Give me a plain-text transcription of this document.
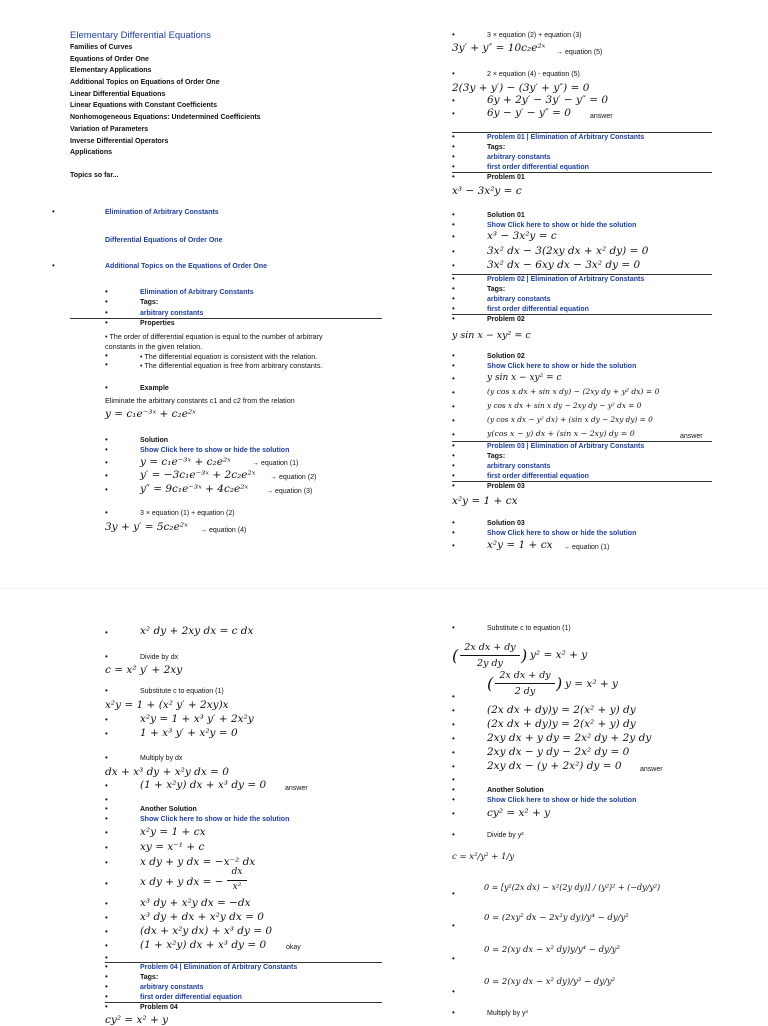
Elementary Differential Equations
Families of Curves
Equations of Order One
Elementary Applications
Additional Topics on Equations of Order One
Linear Differential Equations
Linear Equations with Constant Coefficients
Nonhomogeneous Equations: Undetermined Coefficients
Variation of Parameters
Inverse Differential Operators
Applications
Topics so far...
•	Elimination of Arbitrary Constants
Differential Equations of Order One
•	Additional Topics on the Equations of Order One
•	Elimination of Arbitrary Constants
•	Tags:
•	arbitrary constants
•	Properties
• The order of differential equation is equal to the number of arbitrary
constants in the given relation.
•	• The differential equation is consistent with the relation.
•	• The differential equation is free from arbitrary constants.
•	Example
Eliminate the arbitrary constants c1 and c2 from the relation
y = c₁e⁻³ˣ + c₂e²ˣ
•	Solution
•	Show Click here to show or hide the solution
•	y = c₁e⁻³ˣ + c₂e²ˣ	→ equation (1)
•	y′ = −3c₁e⁻³ˣ + 2c₂e²ˣ → equation (2)
•	y″ = 9c₁e⁻³ˣ + 4c₂e²ˣ	→ equation (3)
•	3 × equation (1) + equation (2)
3y + y′ = 5c₂e²ˣ → equation (4)
•	3 × equation (2) + equation (3)
3y′ + y″ = 10c₂e²ˣ → equation (5)
•	2 × equation (4) - equation (5)
2(3y + y′) − (3y′ + y″) = 0
•	6y + 2y′ − 3y′ − y″ = 0
•	6y − y′ − y″ = 0	answer
•	Problem 01 | Elimination of Arbitrary Constants
•	Tags:
•	arbitrary constants
•	first order differential equation
•	Problem 01
x³ − 3x²y = c
•	Solution 01
•	Show Click here to show or hide the solution
•	x³ − 3x²y = c
•	3x² dx − 3(2xy dx + x² dy) = 0
•	3x² dx − 6xy dx − 3x² dy = 0
•	Problem 02 | Elimination of Arbitrary Constants
•	Tags:
•	arbitrary constants
•	first order differential equation
•	Problem 02
y sin x − xy² = c
•	Solution 02
•	Show Click here to show or hide the solution
•	y sin x − xy² = c
•	(y cos x dx + sin x dy) − (2xy dy + y² dx) = 0
•	y cos x dx + sin x dy − 2xy dy − y² dx = 0
•	(y cos x dx − y² dx) + (sin x dy − 2xy dy) = 0
•	y(cos x − y) dx + (sin x − 2xy) dy = 0	answer
•	Problem 03 | Elimination of Arbitrary Constants
•	Tags:
•	arbitrary constants
•	first order differential equation
•	Problem 03
x²y = 1 + cx
•	Solution 03
•	Show Click here to show or hide the solution
•	x²y = 1 + cx → equation (1)
•	x² dy + 2xy dx = c dx
•	Divide by dx
c = x² y′ + 2xy
•	Substitute c to equation (1)
x²y = 1 + (x² y′ + 2xy)x
•	x²y = 1 + x³ y′ + 2x²y
•	1 + x³ y′ + x²y = 0
•	Multiply by dx
dx + x³ dy + x²y dx = 0
•	(1 + x²y) dx + x³ dy = 0	answer
•
•	Another Solution
•	Show Click here to show or hide the solution
•	x²y = 1 + cx
•	xy = x⁻¹ + c
•	x dy + y dx = −x⁻² dx
•	x dy + y dx = −
dx
x²
•	x³ dy + x²y dx = −dx
•	x³ dy + dx + x²y dx = 0
•	(dx + x²y dx) + x³ dy = 0
•	(1 + x²y) dx + x³ dy = 0	okay
•
•	Problem 04 | Elimination of Arbitrary Constants
•	Tags:
•	arbitrary constants
•	first order differential equation
•	Problem 04
cy² = x² + y
•	Substitute c to equation (1)
( 2x dx + dy
2y dy	) y² = x² + y
•
( 2x dx + dy
2 dy	) y = x² + y
•	(2x dx + dy)y = 2(x² + y) dy
•	(2x dx + dy)y = 2(x² + y) dy
•	2xy dx + y dy = 2x² dy + 2y dy
•	2xy dx − y dy − 2x² dy = 0
•	2xy dx − (y + 2x²) dy = 0	answer
•
•	Another Solution
•	Show Click here to show or hide the solution
•	cy² = x² + y
•	Divide by y²
c = x²/y² + 1/y
•
0 = [y²(2x dx) − x²(2y dy)] / (y²)² + (−dy/y²)
•
0 = (2xy² dx − 2x²y dy)/y⁴ − dy/y²
•
0 = 2(xy dx − x² dy)y/y⁴ − dy/y²
•
0 = 2(xy dx − x² dy)/y³ − dy/y²
•	Multiply by y³
